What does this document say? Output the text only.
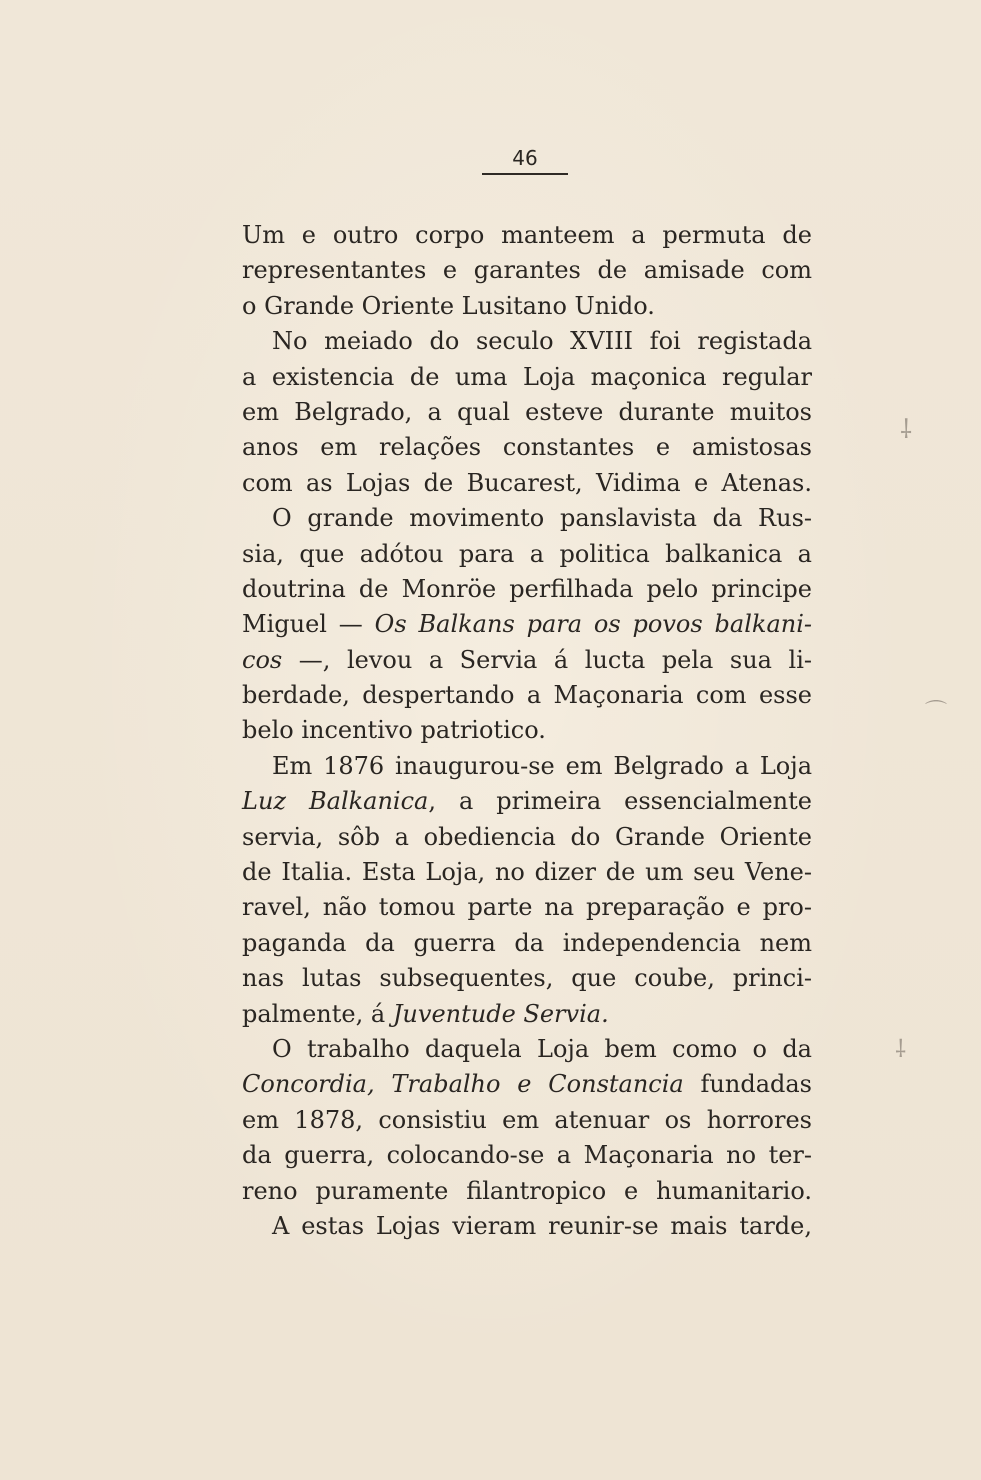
46
Um e outro corpo manteem a permuta de
representantes e garantes de amisade com
o Grande Oriente Lusitano Unido.
No meiado do seculo XVIII foi registada
a existencia de uma Loja maçonica regular
em Belgrado, a qual esteve durante muitos
anos em relações constantes e amistosas
com as Lojas de Bucarest, Vidima e Atenas.
O grande movimento panslavista da Rus-
sia, que adótou para a politica balkanica a
doutrina de Monröe perfilhada pelo principe
Miguel — Os Balkans para os povos balkani-
cos —, levou a Servia á lucta pela sua li-
berdade, despertando a Maçonaria com esse
belo incentivo patriotico.
Em 1876 inaugurou-se em Belgrado a Loja
Luz Balkanica, a primeira essencialmente
servia, sôb a obediencia do Grande Oriente
de Italia. Esta Loja, no dizer de um seu Vene-
ravel, não tomou parte na preparação e pro-
paganda da guerra da independencia nem
nas lutas subsequentes, que coube, princi-
palmente, á Juventude Servia.
O trabalho daquela Loja bem como o da
Concordia, Trabalho e Constancia fundadas
em 1878, consistiu em atenuar os horrores
da guerra, colocando-se a Maçonaria no ter-
reno puramente filantropico e humanitario.
A estas Lojas vieram reunir-se mais tarde,
⸸
⌒
⸸
